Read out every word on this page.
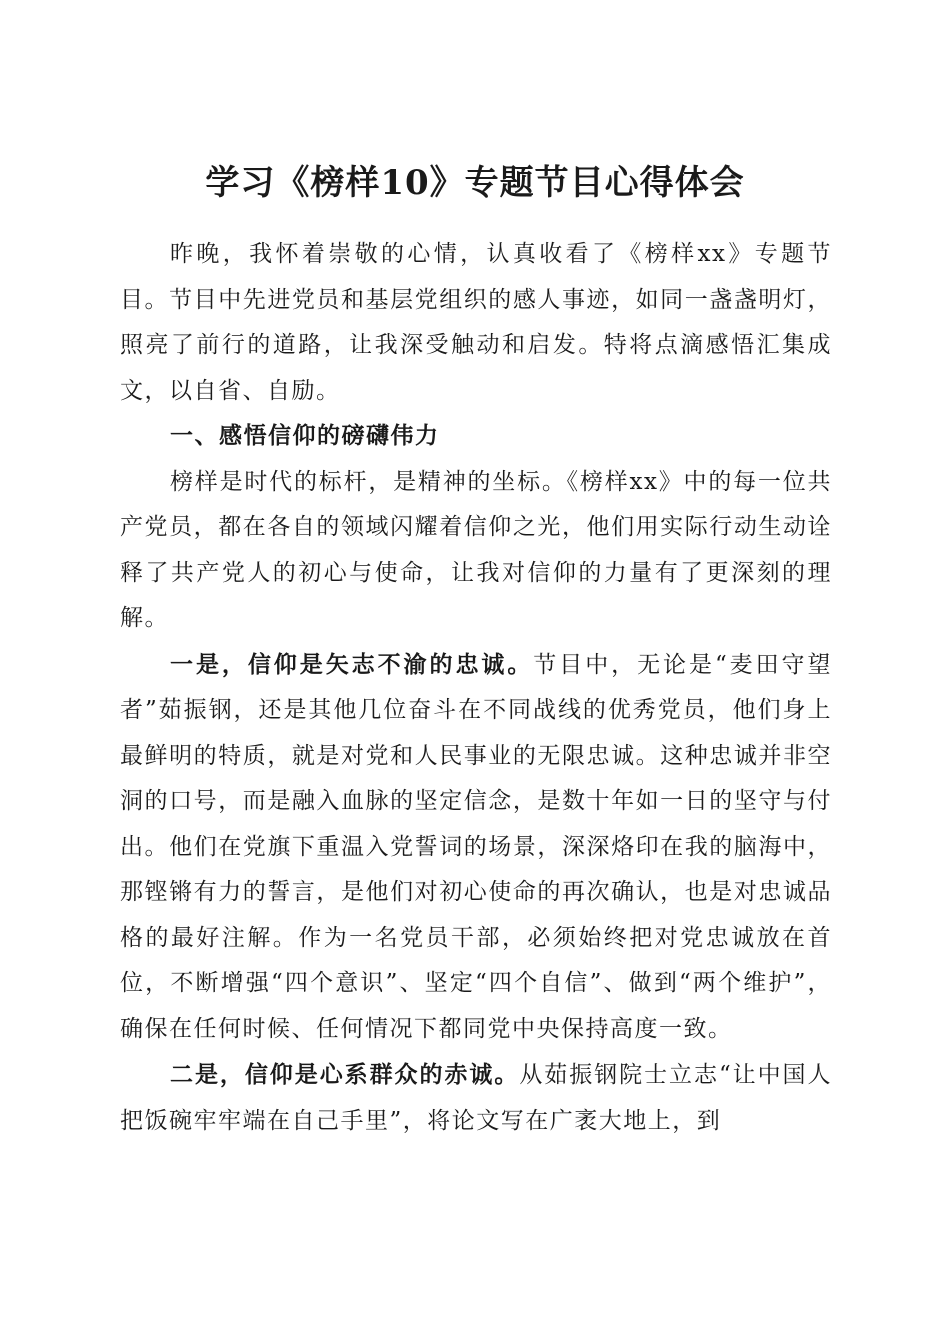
学习《榜样10》专题节目心得体会

昨晚，我怀着崇敬的心情，认真收看了《榜样xx》专题节目。节目中先进党员和基层党组织的感人事迹，如同一盏盏明灯，照亮了前行的道路，让我深受触动和启发。特将点滴感悟汇集成文，以自省、自励。

一、感悟信仰的磅礴伟力

榜样是时代的标杆，是精神的坐标。《榜样xx》中的每一位共产党员，都在各自的领域闪耀着信仰之光，他们用实际行动生动诠释了共产党人的初心与使命，让我对信仰的力量有了更深刻的理解。

一是，信仰是矢志不渝的忠诚。节目中，无论是“麦田守望者”茹振钢，还是其他几位奋斗在不同战线的优秀党员，他们身上最鲜明的特质，就是对党和人民事业的无限忠诚。这种忠诚并非空洞的口号，而是融入血脉的坚定信念，是数十年如一日的坚守与付出。他们在党旗下重温入党誓词的场景，深深烙印在我的脑海中，那铿锵有力的誓言，是他们对初心使命的再次确认，也是对忠诚品格的最好注解。作为一名党员干部，必须始终把对党忠诚放在首位，不断增强“四个意识”、坚定“四个自信”、做到“两个维护”，确保在任何时候、任何情况下都同党中央保持高度一致。

二是，信仰是心系群众的赤诚。从茹振钢院士立志“让中国人把饭碗牢牢端在自己手里”，将论文写在广袤大地上，到
